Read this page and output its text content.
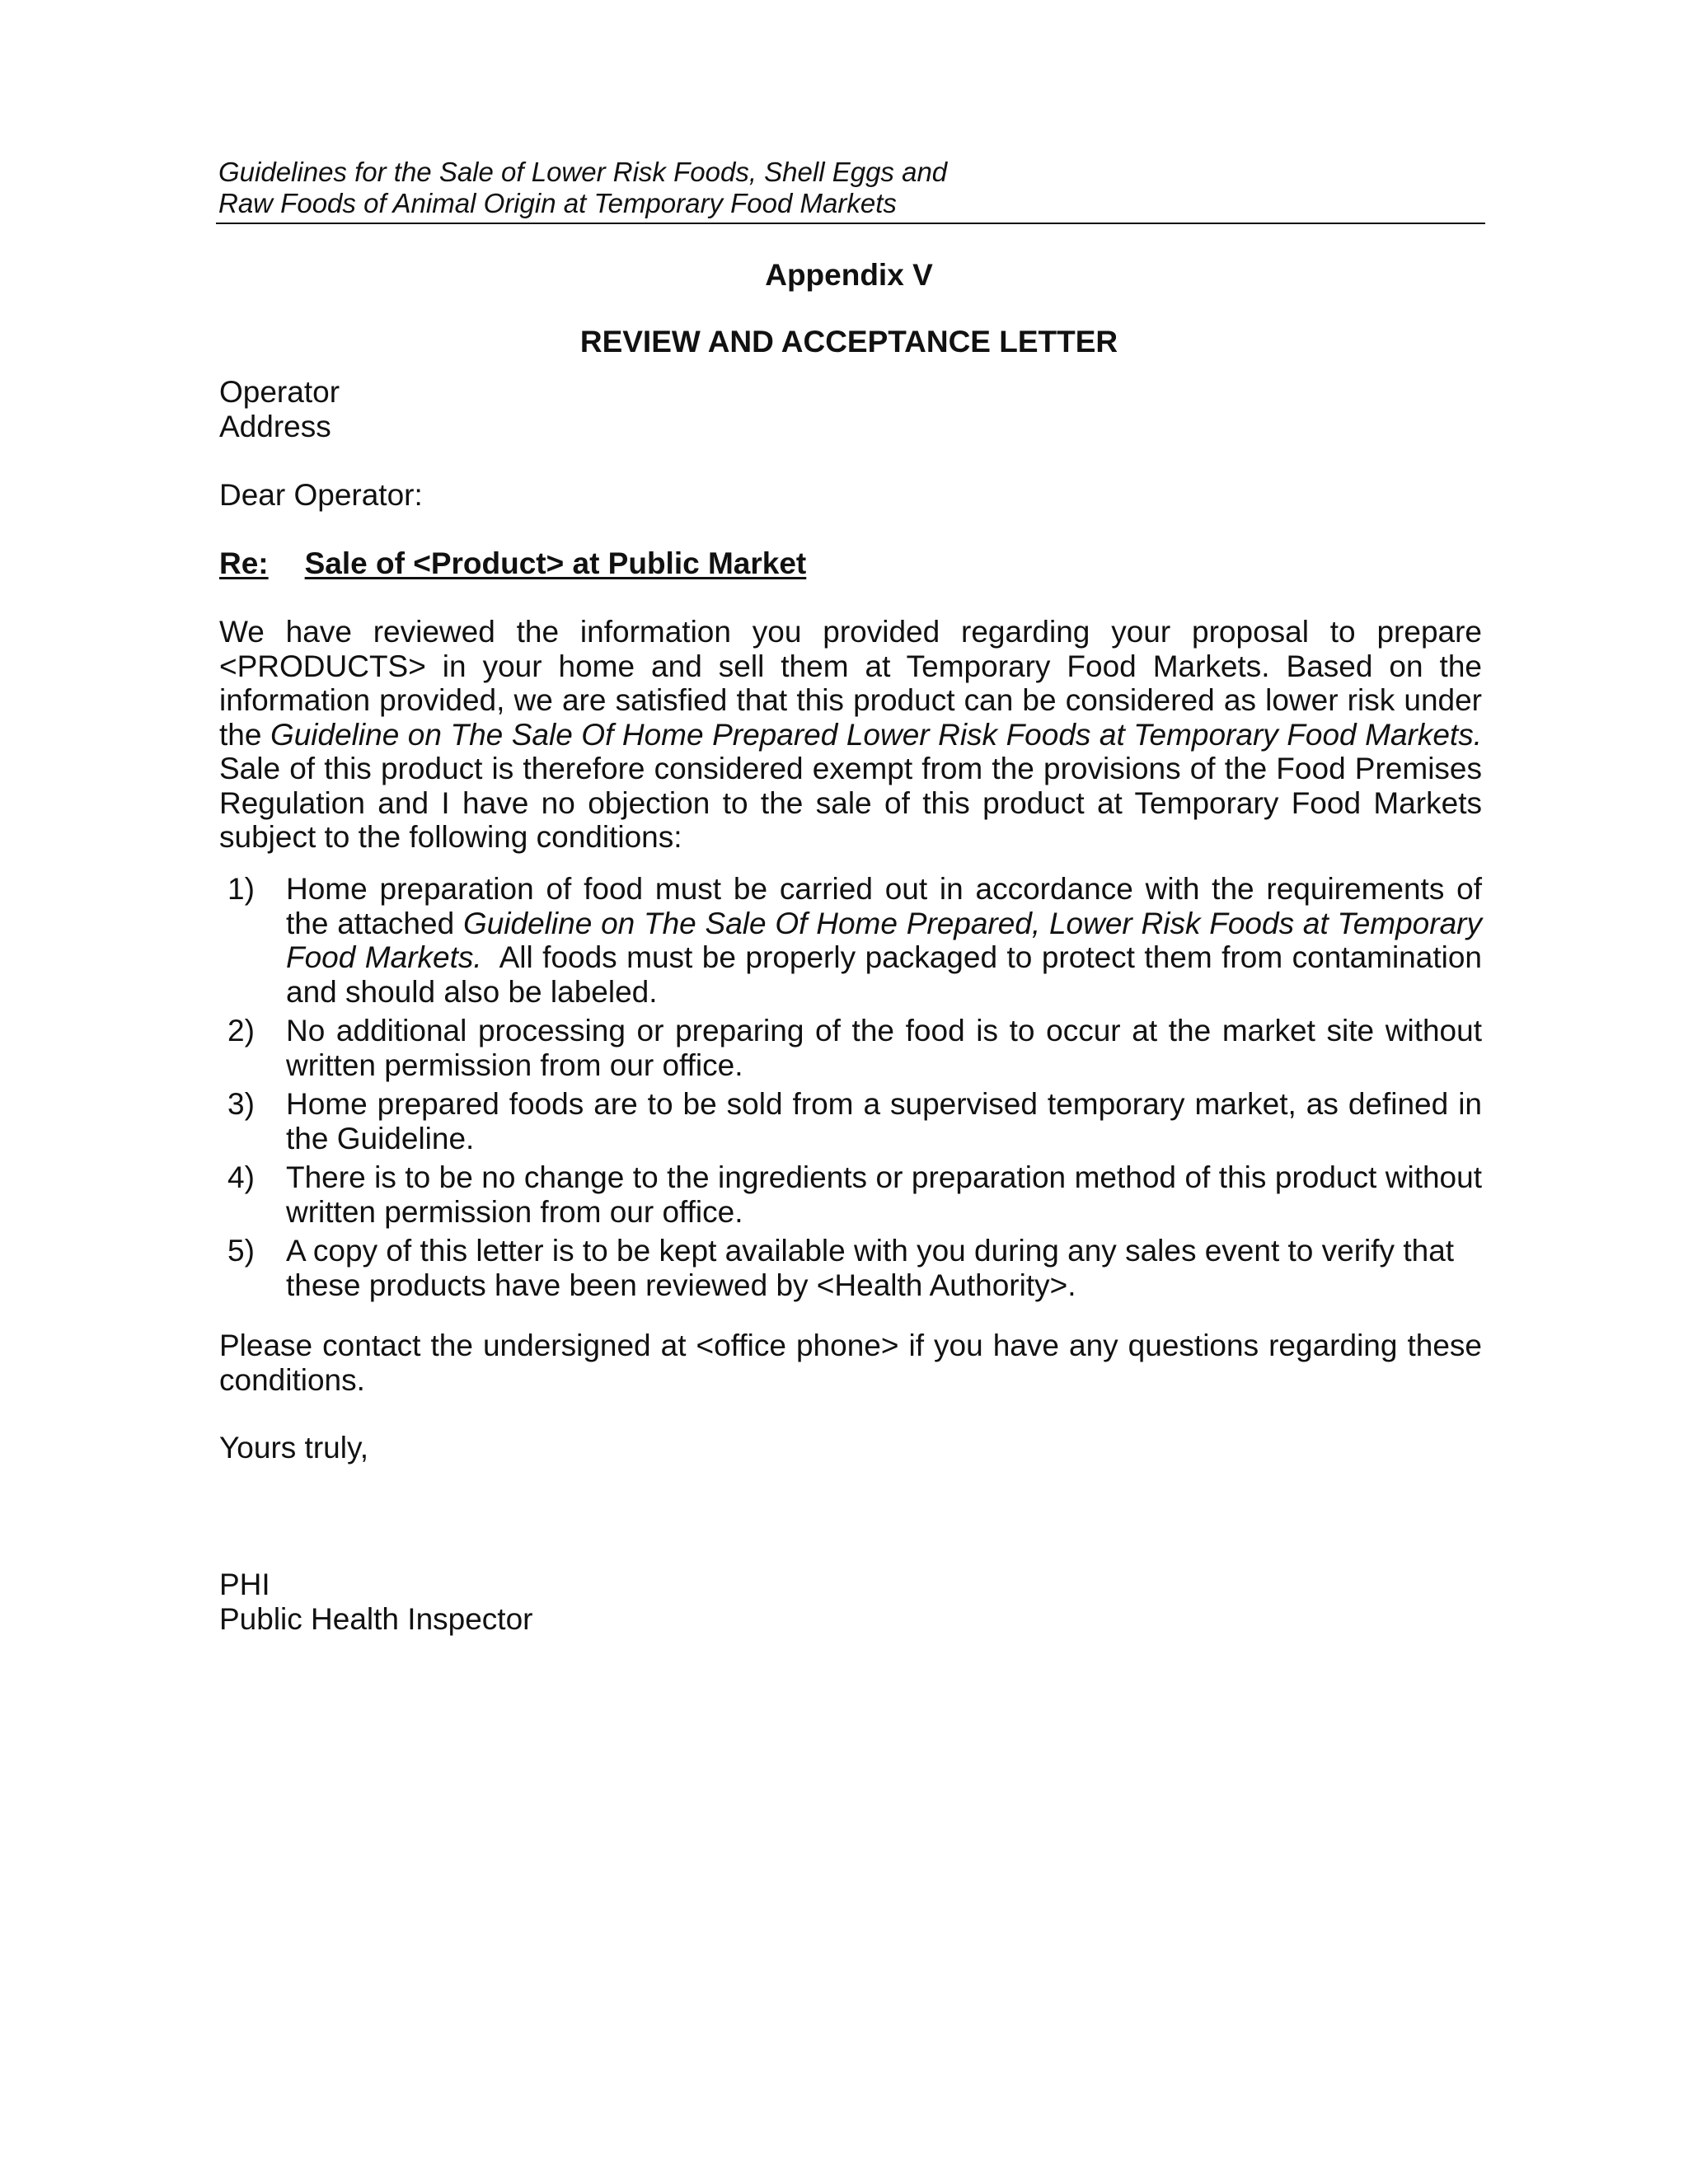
Guidelines for the Sale of Lower Risk Foods, Shell Eggs and
Raw Foods of Animal Origin at Temporary Food Markets
Appendix V
REVIEW AND ACCEPTANCE LETTER
Operator
Address
Dear Operator:
Re: Sale of <Product> at Public Market
We have reviewed the information you provided regarding your proposal to prepare <PRODUCTS> in your home and sell them at Temporary Food Markets. Based on the information provided, we are satisfied that this product can be considered as lower risk under the Guideline on The Sale Of Home Prepared Lower Risk Foods at Temporary Food Markets. Sale of this product is therefore considered exempt from the provisions of the Food Premises Regulation and I have no objection to the sale of this product at Temporary Food Markets subject to the following conditions:
1) Home preparation of food must be carried out in accordance with the requirements of the attached Guideline on The Sale Of Home Prepared, Lower Risk Foods at Temporary Food Markets.  All foods must be properly packaged to protect them from contamination and should also be labeled.
2) No additional processing or preparing of the food is to occur at the market site without written permission from our office.
3) Home prepared foods are to be sold from a supervised temporary market, as defined in the Guideline.
4) There is to be no change to the ingredients or preparation method of this product without written permission from our office.
5) A copy of this letter is to be kept available with you during any sales event to verify that these products have been reviewed by <Health Authority>.
Please contact the undersigned at <office phone> if you have any questions regarding these conditions.
Yours truly,
PHI
Public Health Inspector
